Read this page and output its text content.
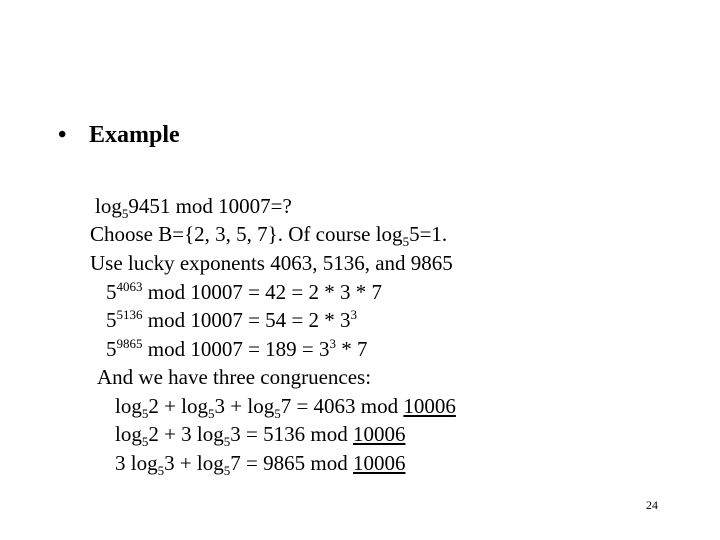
• Example
$\log_59451$ mod 10007=?
Choose B={2, 3, 5, 7}. Of course $\log_55=1$.
Use lucky exponents 4063, 5136, and 9865
$5^{4063}$ mod 10007 = 42 = 2 * 3 * 7
$5^{5136}$ mod $10007 = 54 = 2 * 3^3$
$5^{9865}$ mod $10007 = 189 = 3^3 * 7$
And we have three congruences:
$\log_52 + \log_53 + \log_57 = 4063$ mod 10006
$\log_52 + 3$ $\log_53 = 5136$ mod 10006
3 $\log_53 + \log_57 = 9865$ mod 10006
24
